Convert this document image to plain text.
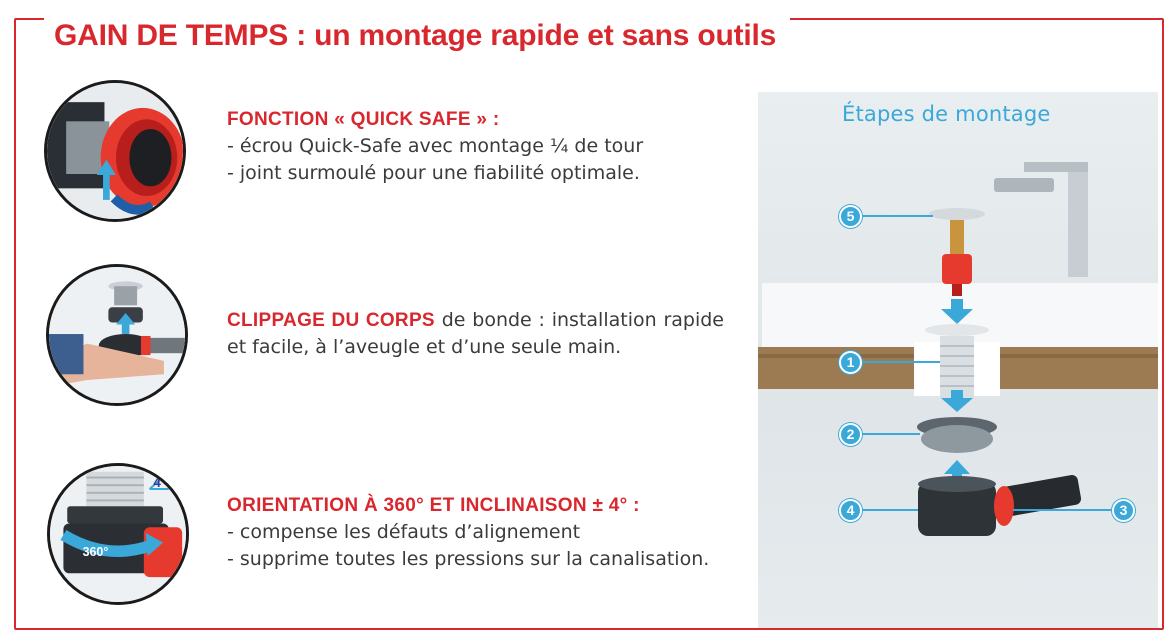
GAIN DE TEMPS : un montage rapide et sans outils
4°
360°
FONCTION « QUICK SAFE » :
- écrou Quick-Safe avec montage ¼ de tour
- joint surmoulé pour une fiabilité optimale.
CLIPPAGE DU CORPS de bonde : installation rapide et facile, à l’aveugle et d’une seule main.
ORIENTATION À 360° ET INCLINAISON ± 4° :
- compense les défauts d’alignement
- supprime toutes les pressions sur la canalisation.
Étapes de montage
5
1
2
4	3
